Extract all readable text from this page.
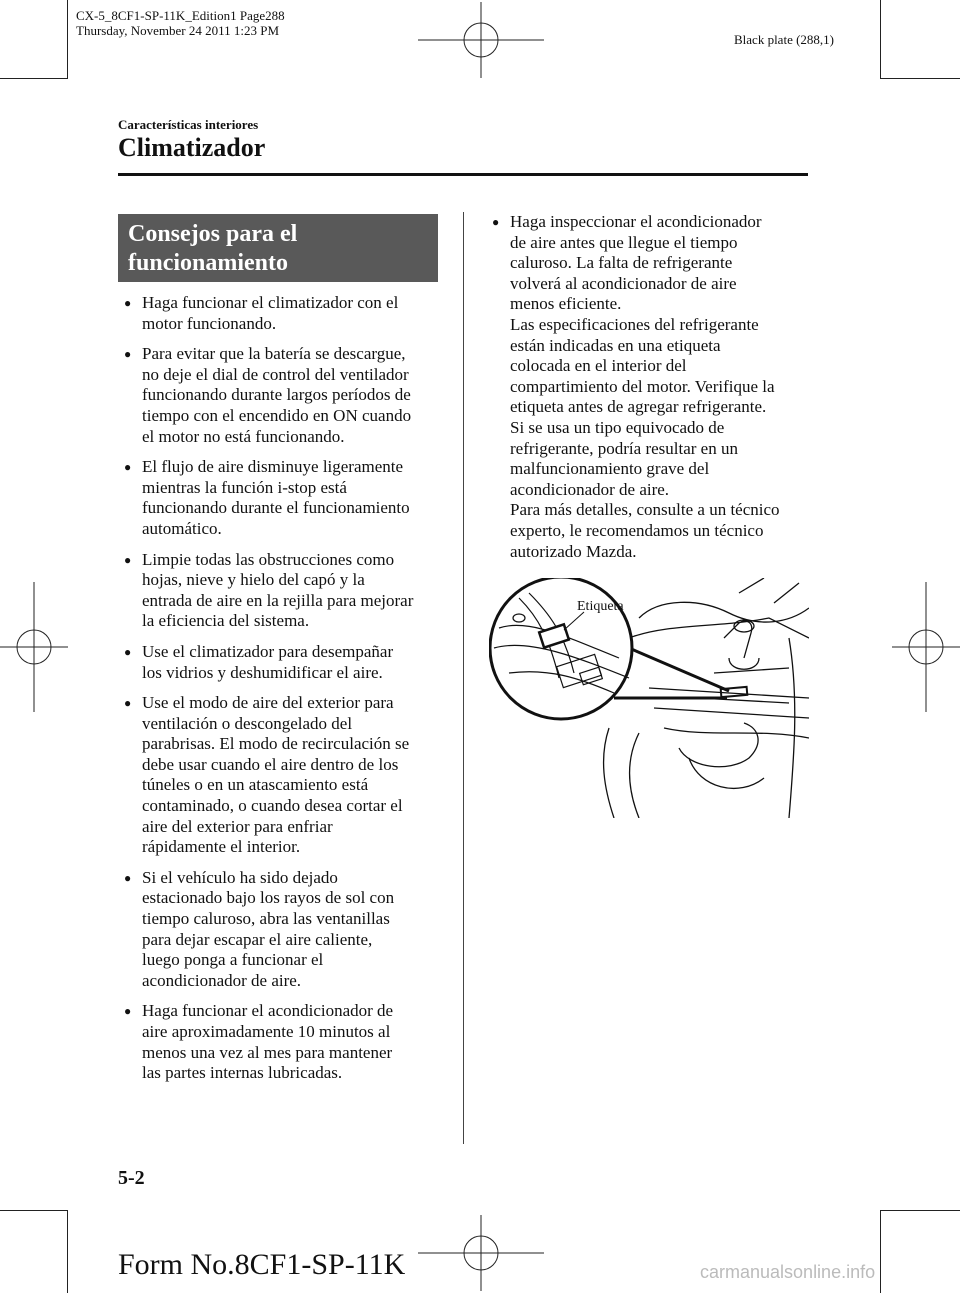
CX-5_8CF1-SP-11K_Edition1 Page288
Thursday, November 24 2011 1:23 PM
Black plate (288,1)
Características interiores
Climatizador
Consejos para el
funcionamiento
● Haga funcionar el climatizador con el
motor funcionando.
● Para evitar que la batería se descargue,
no deje el dial de control del ventilador
funcionando durante largos períodos de
tiempo con el encendido en ON cuando
el motor no está funcionando.
● El flujo de aire disminuye ligeramente
mientras la función i-stop está
funcionando durante el funcionamiento
automático.
● Limpie todas las obstrucciones como
hojas, nieve y hielo del capó y la
entrada de aire en la rejilla para mejorar
la eficiencia del sistema.
● Use el climatizador para desempañar
los vidrios y deshumidificar el aire.
● Use el modo de aire del exterior para
ventilación o descongelado del
parabrisas. El modo de recirculación se
debe usar cuando el aire dentro de los
túneles o en un atascamiento está
contaminado, o cuando desea cortar el
aire del exterior para enfriar
rápidamente el interior.
● Si el vehículo ha sido dejado
estacionado bajo los rayos de sol con
tiempo caluroso, abra las ventanillas
para dejar escapar el aire caliente,
luego ponga a funcionar el
acondicionador de aire.
● Haga funcionar el acondicionador de
aire aproximadamente 10 minutos al
menos una vez al mes para mantener
las partes internas lubricadas.
● Haga inspeccionar el acondicionador
de aire antes que llegue el tiempo
caluroso. La falta de refrigerante
volverá al acondicionador de aire
menos eficiente.
Las especificaciones del refrigerante
están indicadas en una etiqueta
colocada en el interior del
compartimiento del motor. Verifique la
etiqueta antes de agregar refrigerante.
Si se usa un tipo equivocado de
refrigerante, podría resultar en un
malfuncionamiento grave del
acondicionador de aire.
Para más detalles, consulte a un técnico
experto, le recomendamos un técnico
autorizado Mazda.
Etiqueta
5-2
Form No.8CF1-SP-11K	carmanualsonline.info
